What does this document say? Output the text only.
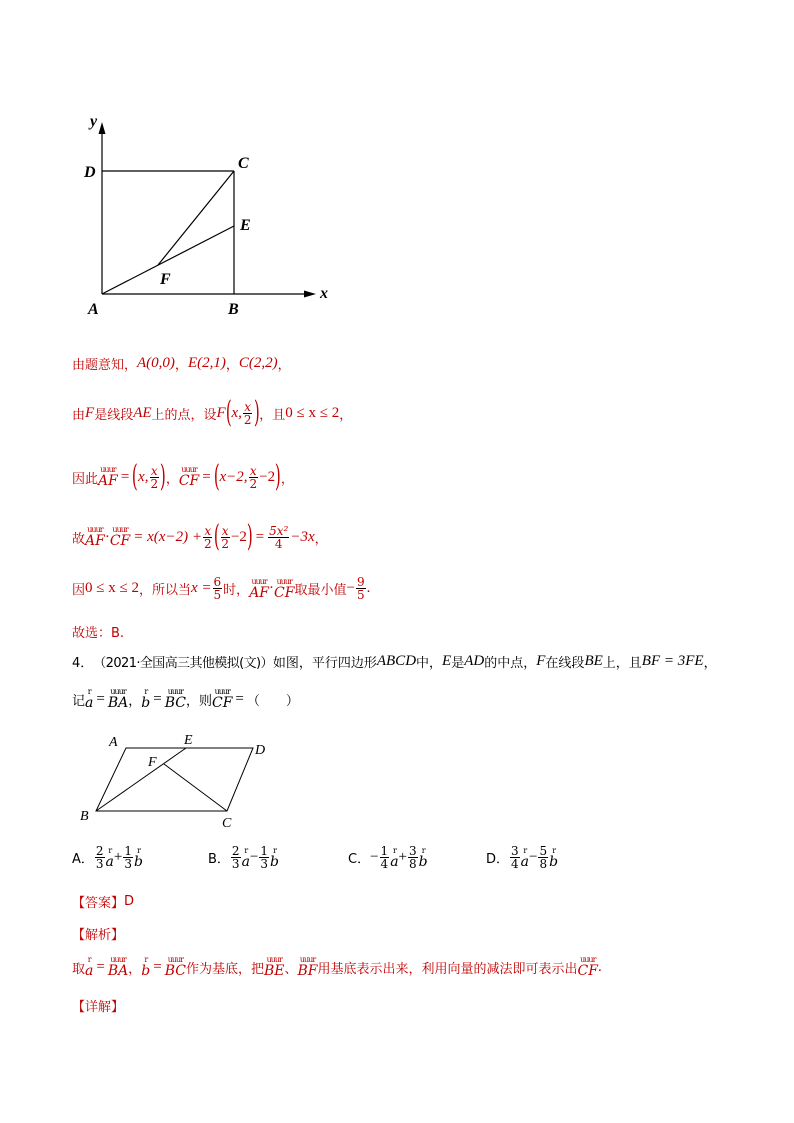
y
x
D
C
E
F
A	B
由题意知， A(0,0) ， E(2,1) ， C(2,2) ，
由 F 是线段 AE 上的点，设 F ( x, $\frac{x}{2}$ ) ，且 0 ≤ x ≤ 2 ，
因此
uuur
AF = ( x, $\frac{x}{2}$ ) ，
uuur
CF = ( x−2, $\frac{x}{2} -2$ ) ，
故
uuur
AF · uuur
CF = $x(x-2) + \frac{x}{2}$ ( $\frac{x}{2} -2$ ) = $\frac{\text{5x²}}{4} -3x$ ，
因 0 ≤ x ≤ 2 ，所以当 $x = \frac{6}{5}$ 时，
uuur
AF · uuur
CF 取最小值 − $\frac{9}{5}$ .
故选：B.
4． （2021·全国高三其他模拟(文)） 如图，平行四边形 ABCD 中， E 是 AD 的中点， F 在线段 BE 上，且 BF = 3FE ，
记
r
a = uuur
BA ，
r
b = uuur
BC ，则
uuur
CF = （　　）
A	E
D
F
B	C
A． $\frac{2}{3}$ r
$a + \frac{1}{3}$ r
b	B． $\frac{2}{3}$ r
$a - \frac{1}{3}$ r
b	C． − $\frac{1}{4}$ r
$a + \frac{3}{8}$ r
b	D． $\frac{3}{4}$ r
$a - \frac{5}{8}$ r
b
【答案】 D
【解析】
取
r
a = uuur
BA ，
r
b = uuur
BC 作为基底，把
uuur
BE 、
uuur
BF 用基底表示出来，利用向量的减法即可表示出
uuur
CF .
【详解】
